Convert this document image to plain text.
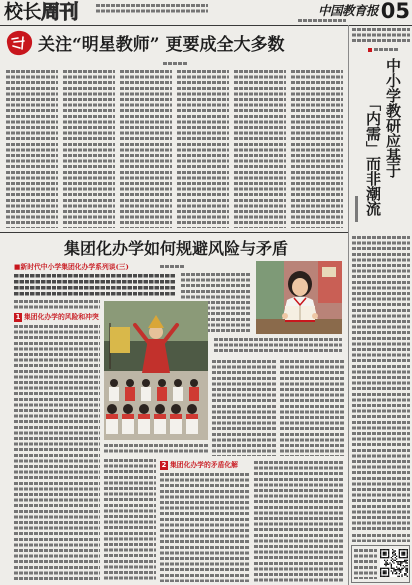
校长周刊	中国教育报 05
关注“明星教师” 更要成全大多数
中小学教研应基于
「内需」而非潮流
集团化办学如何规避风险与矛盾
■新时代中小学集团化办学系列谈(三)
1 集团化办学的风险和冲突
2 集团化办学的矛盾化解
